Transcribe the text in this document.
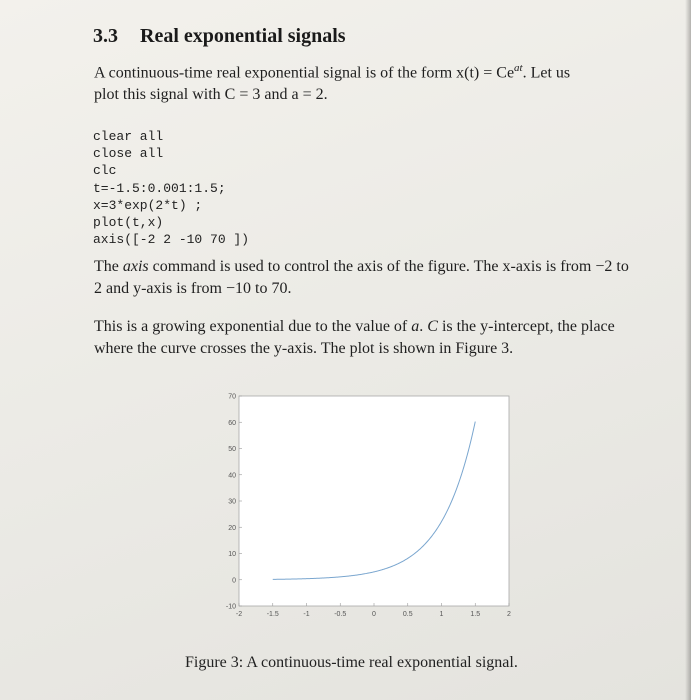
3.3 Real exponential signals
A continuous-time real exponential signal is of the form $x(t) = Ce^{at}$. Let us
plot this signal with C = 3 and a = 2.
clear all
close all
clc
t=-1.5:0.001:1.5;
x=3*exp(2*t) ;
plot(t,x)
axis([-2 2 -10 70 ])
The axis command is used to control the axis of the figure. The x-axis is from −2 to 2 and y-axis is from −10 to 70.
This is a growing exponential due to the value of a. C is the y-intercept, the place where the curve crosses the y-axis. The plot is shown in Figure 3.
-2	-1.5	-1	-0.5	0	0.5	1	1.5	2
-10
0
10
20
30
40
50
60
70
Figure 3: A continuous-time real exponential signal.
